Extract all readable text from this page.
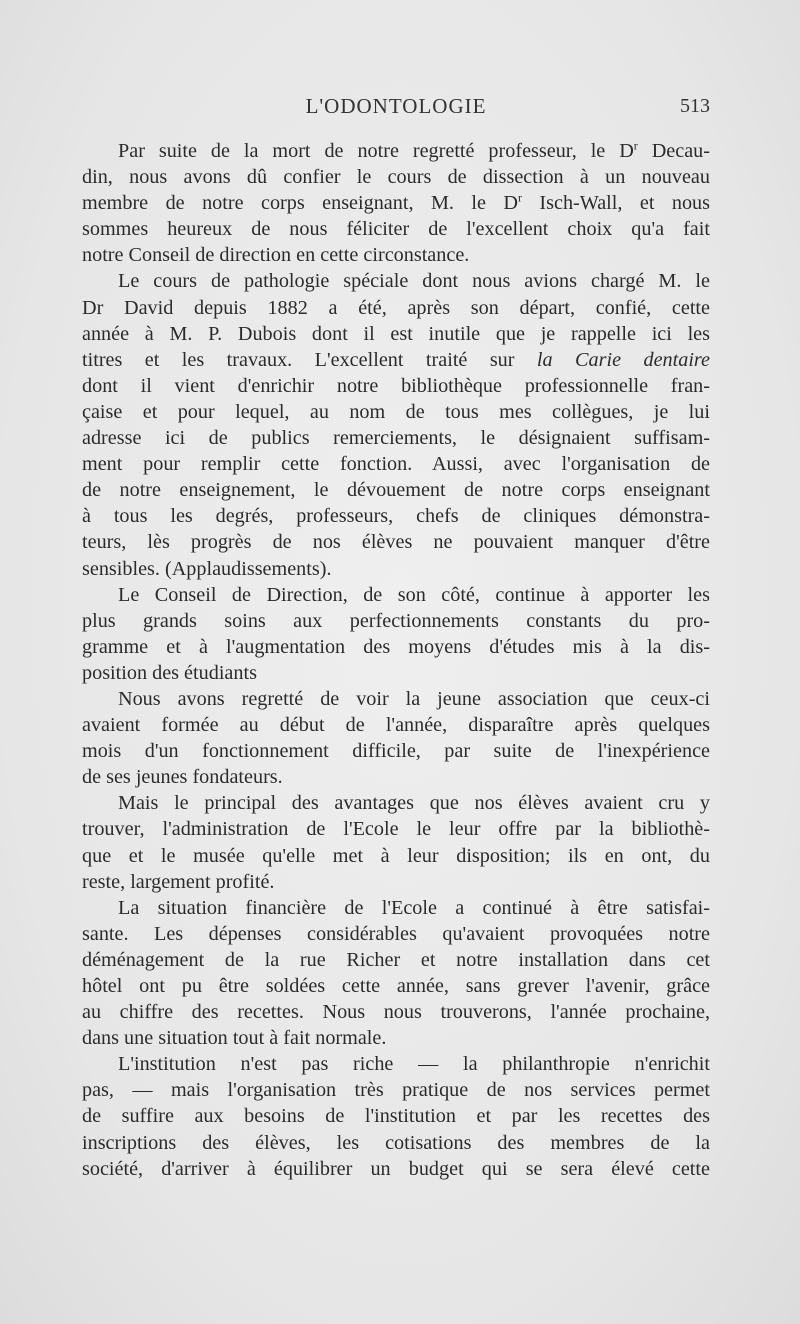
L'ODONTOLOGIE	513
Par suite de la mort de notre regretté professeur, le $D^r$ Decau-
din, nous avons dû confier le cours de dissection à un nouveau
membre de notre corps enseignant, M. le $D^r$ Isch-Wall, et nous
sommes heureux de nous féliciter de l'excellent choix qu'a fait
notre Conseil de direction en cette circonstance.
Le cours de pathologie spéciale dont nous avions chargé M. le
Dr David depuis 1882 a été, après son départ, confié, cette
année à M. P. Dubois dont il est inutile que je rappelle ici les
titres et les travaux. L'excellent traité sur la Carie dentaire
dont il vient d'enrichir notre bibliothèque professionnelle fran-
çaise et pour lequel, au nom de tous mes collègues, je lui
adresse ici de publics remerciements, le désignaient suffisam-
ment pour remplir cette fonction. Aussi, avec l'organisation de
de notre enseignement, le dévouement de notre corps enseignant
à tous les degrés, professeurs, chefs de cliniques démonstra-
teurs, lès progrès de nos élèves ne pouvaient manquer d'être
sensibles. (Applaudissements).
Le Conseil de Direction, de son côté, continue à apporter les
plus grands soins aux perfectionnements constants du pro-
gramme et à l'augmentation des moyens d'études mis à la dis-
position des étudiants
Nous avons regretté de voir la jeune association que ceux-ci
avaient formée au début de l'année, disparaître après quelques
mois d'un fonctionnement difficile, par suite de l'inexpérience
de ses jeunes fondateurs.
Mais le principal des avantages que nos élèves avaient cru y
trouver, l'administration de l'Ecole le leur offre par la bibliothè-
que et le musée qu'elle met à leur disposition; ils en ont, du
reste, largement profité.
La situation financière de l'Ecole a continué à être satisfai-
sante. Les dépenses considérables qu'avaient provoquées notre
déménagement de la rue Richer et notre installation dans cet
hôtel ont pu être soldées cette année, sans grever l'avenir, grâce
au chiffre des recettes. Nous nous trouverons, l'année prochaine,
dans une situation tout à fait normale.
L'institution n'est pas riche — la philanthropie n'enrichit
pas, — mais l'organisation très pratique de nos services permet
de suffire aux besoins de l'institution et par les recettes des
inscriptions des élèves, les cotisations des membres de la
société, d'arriver à équilibrer un budget qui se sera élevé cette
